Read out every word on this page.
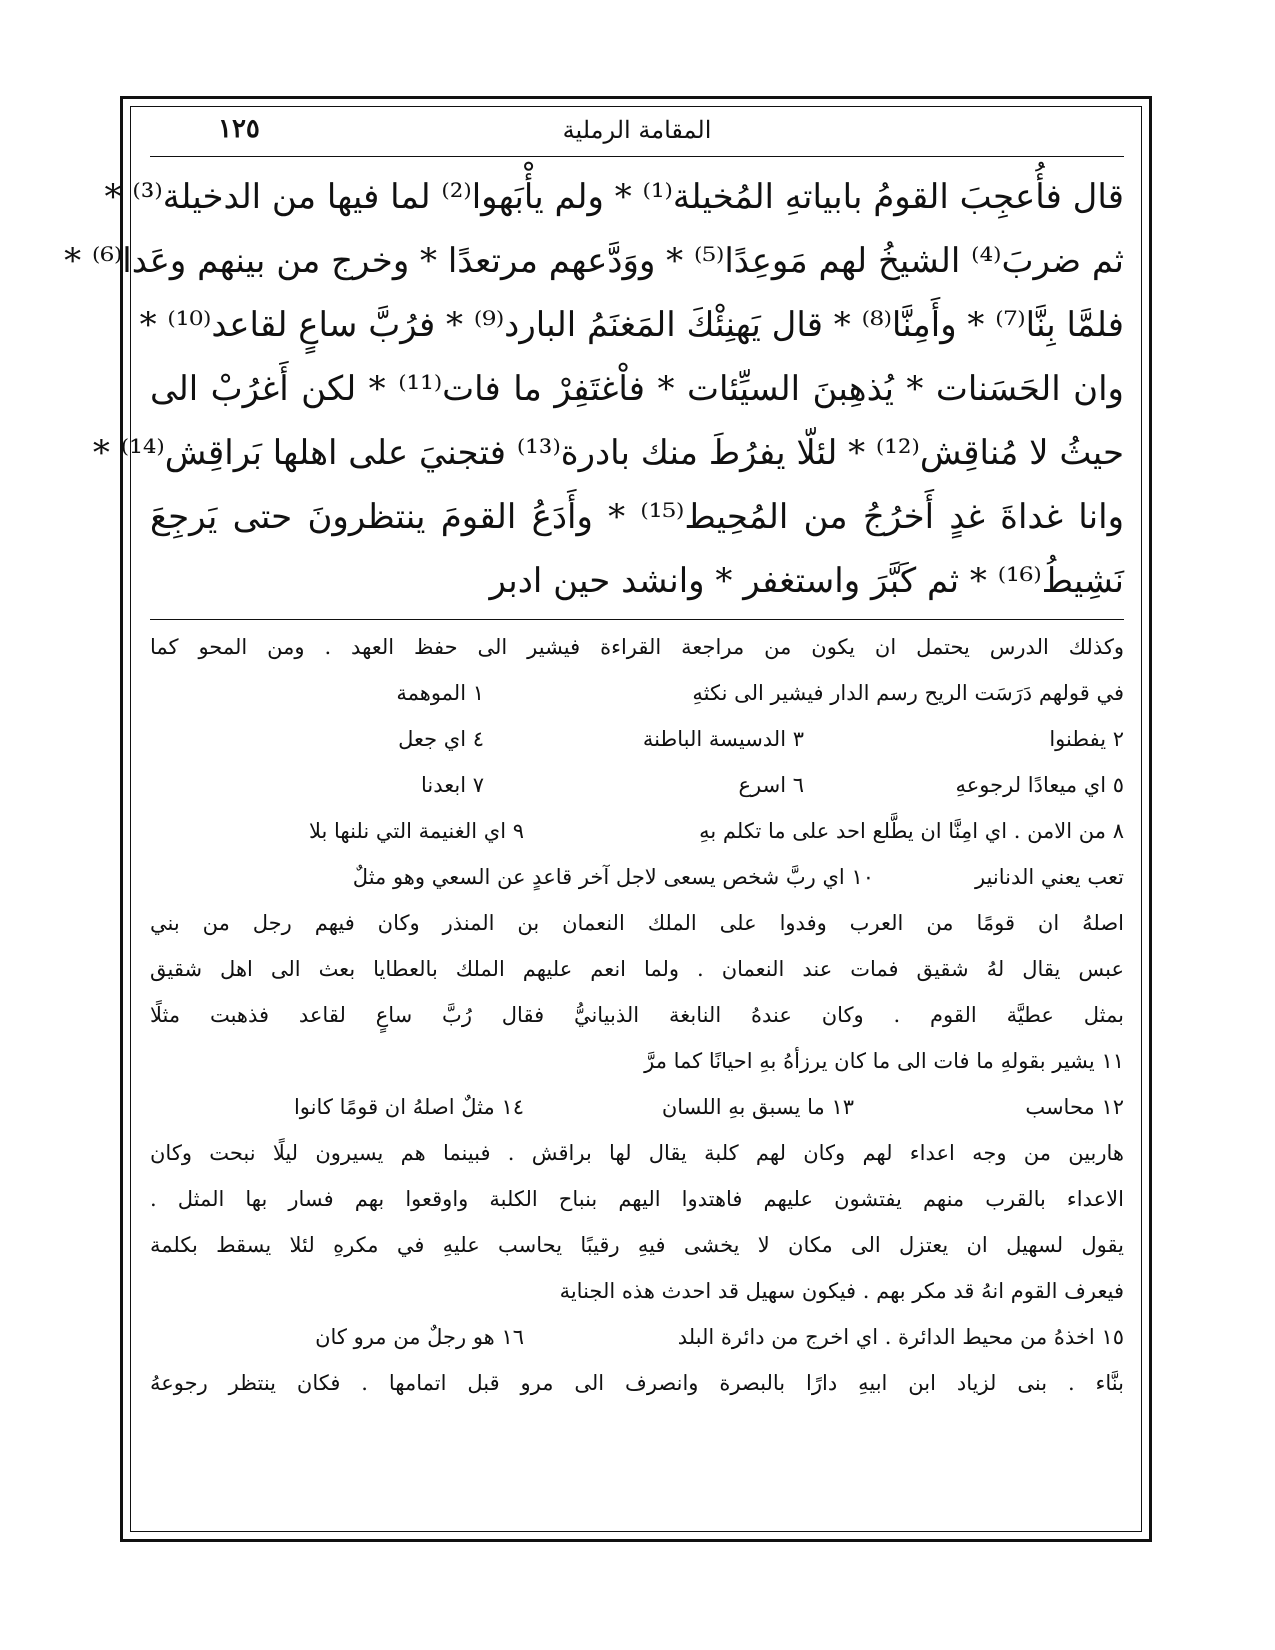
المقامة الرملية
١٢٥
قال فأُعجِبَ القومُ بابياتهِ المُخيلة⁽¹⁾ * ولم يأْبَهوا⁽²⁾ لما فيها من الدخيلة⁽³⁾ *
ثم ضربَ⁽⁴⁾ الشيخُ لهم مَوعِدًا⁽⁵⁾ * ووَدَّعهم مرتعدًا * وخرج من بينهم وعَدا⁽⁶⁾ *
فلمَّا بِنَّا⁽⁷⁾ * وأَمِنَّا⁽⁸⁾ * قال يَهنِئْكَ المَغنَمُ البارد⁽⁹⁾ * فرُبَّ ساعٍ لقاعد⁽¹⁰⁾ *
وان الحَسَنات * يُذهِبنَ السيِّئات * فاْغتَفِرْ ما فات⁽¹¹⁾ * لكن أَغرُبْ الى
حيثُ لا مُناقِش⁽¹²⁾ * لئلّا يفرُطَ منك بادرة⁽¹³⁾ فتجنيَ على اهلها بَراقِش⁽¹⁴⁾ *
وانا غداةَ غدٍ أَخرُجُ من المُحِيط⁽¹⁵⁾ * وأَدَعُ القومَ ينتظرونَ حتى يَرجِعَ
نَشِيطُ⁽¹⁶⁾ * ثم كَبَّرَ واستغفر * وانشد حين ادبر
وكذلك الدرس يحتمل ان يكون من مراجعة القراءة فيشير الى حفظ العهد . ومن المحو كما
في قولهم دَرَسَت الريح رسم الدار فيشير الى نكثهِ
١ الموهمة
٢ يفطنوا
٣ الدسيسة الباطنة
٤ اي جعل
٥ اي ميعادًا لرجوعهِ
٦ اسرع
٧ ابعدنا
٨ من الامن . اي امِنَّا ان يطَّلع احد على ما تكلم بهِ
٩ اي الغنيمة التي نلنها بلا
تعب يعني الدنانير
١٠ اي ربَّ شخص يسعى لاجل آخر قاعدٍ عن السعي وهو مثلٌ
اصلهُ ان قومًا من العرب وفدوا على الملك النعمان بن المنذر وكان فيهم رجل من بني
عبس يقال لهُ شقيق فمات عند النعمان . ولما انعم عليهم الملك بالعطايا بعث الى اهل شقيق
بمثل عطيَّة القوم . وكان عندهُ النابغة الذبيانيُّ فقال رُبَّ ساعٍ لقاعد فذهبت مثلًا
١١ يشير بقولهِ ما فات الى ما كان يرزأهُ بهِ احيانًا كما مرَّ
١٢ محاسب
١٣ ما يسبق بهِ اللسان
١٤ مثلٌ اصلهُ ان قومًا كانوا
هاربين من وجه اعداء لهم وكان لهم كلبة يقال لها براقش . فبينما هم يسيرون ليلًا نبحت وكان
الاعداء بالقرب منهم يفتشون عليهم فاهتدوا اليهم بنباح الكلبة واوقعوا بهم فسار بها المثل .
يقول لسهيل ان يعتزل الى مكان لا يخشى فيهِ رقيبًا يحاسب عليهِ في مكرهِ لئلا يسقط بكلمة
فيعرف القوم انهُ قد مكر بهم . فيكون سهيل قد احدث هذه الجناية
١٥ اخذهُ من محيط الدائرة . اي اخرج من دائرة البلد
١٦ هو رجلٌ من مرو كان
بنَّاء . بنى لزياد ابن ابيهِ دارًا بالبصرة وانصرف الى مرو قبل اتمامها . فكان ينتظر رجوعهُ
